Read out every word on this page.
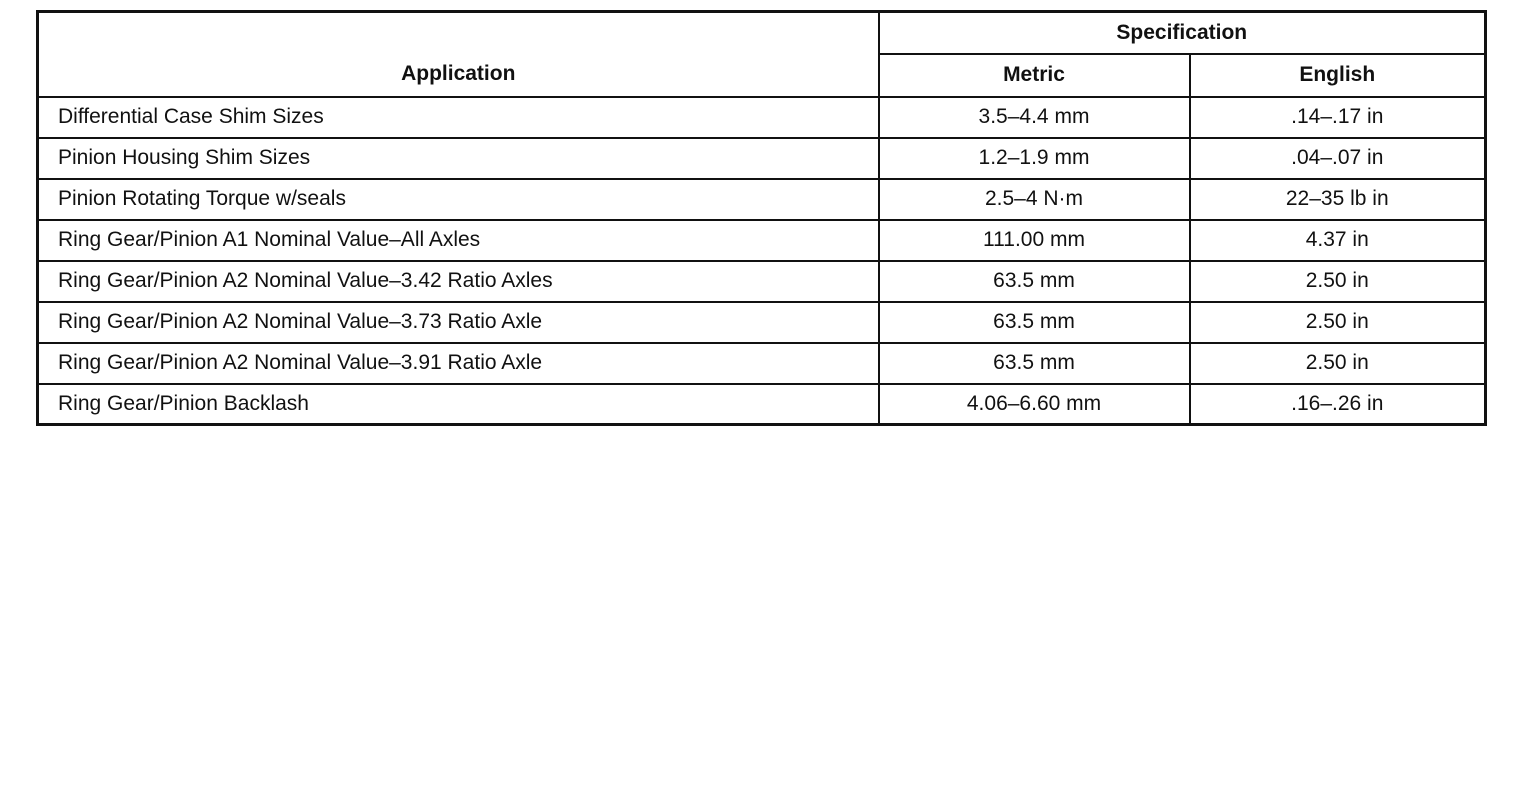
Application	Specification	
	Metric	English
Differential Case Shim Sizes	3.5–4.4 mm	.14–.17 in
Pinion Housing Shim Sizes	1.2–1.9 mm	.04–.07 in
Pinion Rotating Torque w/seals	2.5–4 N·m	22–35 lb in
Ring Gear/Pinion A1 Nominal Value–All Axles	111.00 mm	4.37 in
Ring Gear/Pinion A2 Nominal Value–3.42 Ratio Axles	63.5 mm	2.50 in
Ring Gear/Pinion A2 Nominal Value–3.73 Ratio Axle	63.5 mm	2.50 in
Ring Gear/Pinion A2 Nominal Value–3.91 Ratio Axle	63.5 mm	2.50 in
Ring Gear/Pinion Backlash	4.06–6.60 mm	.16–.26 in
